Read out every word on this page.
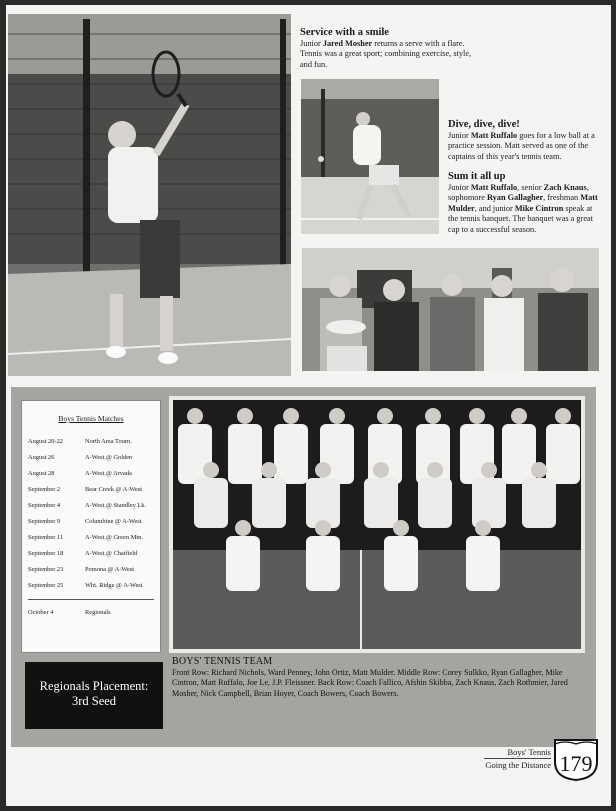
Service with a smile
Junior Jared Mosher returns a serve with a flare. Tennis was a great sport; combining exercise, style, and fun.
Dive, dive, dive!
Junior Matt Ruffalo goes for a low ball at a practice session. Matt served as one of the captains of this year's tennis team.
Sum it all up
Junior Matt Ruffalo, senior Zach Knaus, sophomore Ryan Gallagher, freshman Matt Mulder, and junior Mike Cintron speak at the tennis banquet. The banquet was a great cap to a successful season.
Boys Tennis Matches
August 20-22	North Area Tourn.
August 26	A-West @ Golden
August 28	A-West @ Arvada
September 2	Bear Creek @ A-West
September 4	A-West @ Standley Lk.
September 9	Columbine @ A-West
September 11	A-West @ Green Mtn.
September 18	A-West @ Chatfield
September 23	Pomona @ A-West
September 25	Wht. Ridge @ A-West
October 4	Regionals
BOYS' TENNIS TEAM
Front Row: Richard Nichols, Ward Penney, John Ortiz, Matt Mulder. Middle Row: Corey Sulkko, Ryan Gallagher, Mike Cintron, Matt Ruffalo, Joe Le, J.P. Fleissner. Back Row: Coach Fallico, Afshin Skibba, Zach Knaus, Zach Rothmier, Jared Mosher, Nick Campbell, Brian Hoyer, Coach Bowers, Coach Bowers.
Regionals Placement:
3rd Seed
Boys' Tennis
Going the Distance 179
